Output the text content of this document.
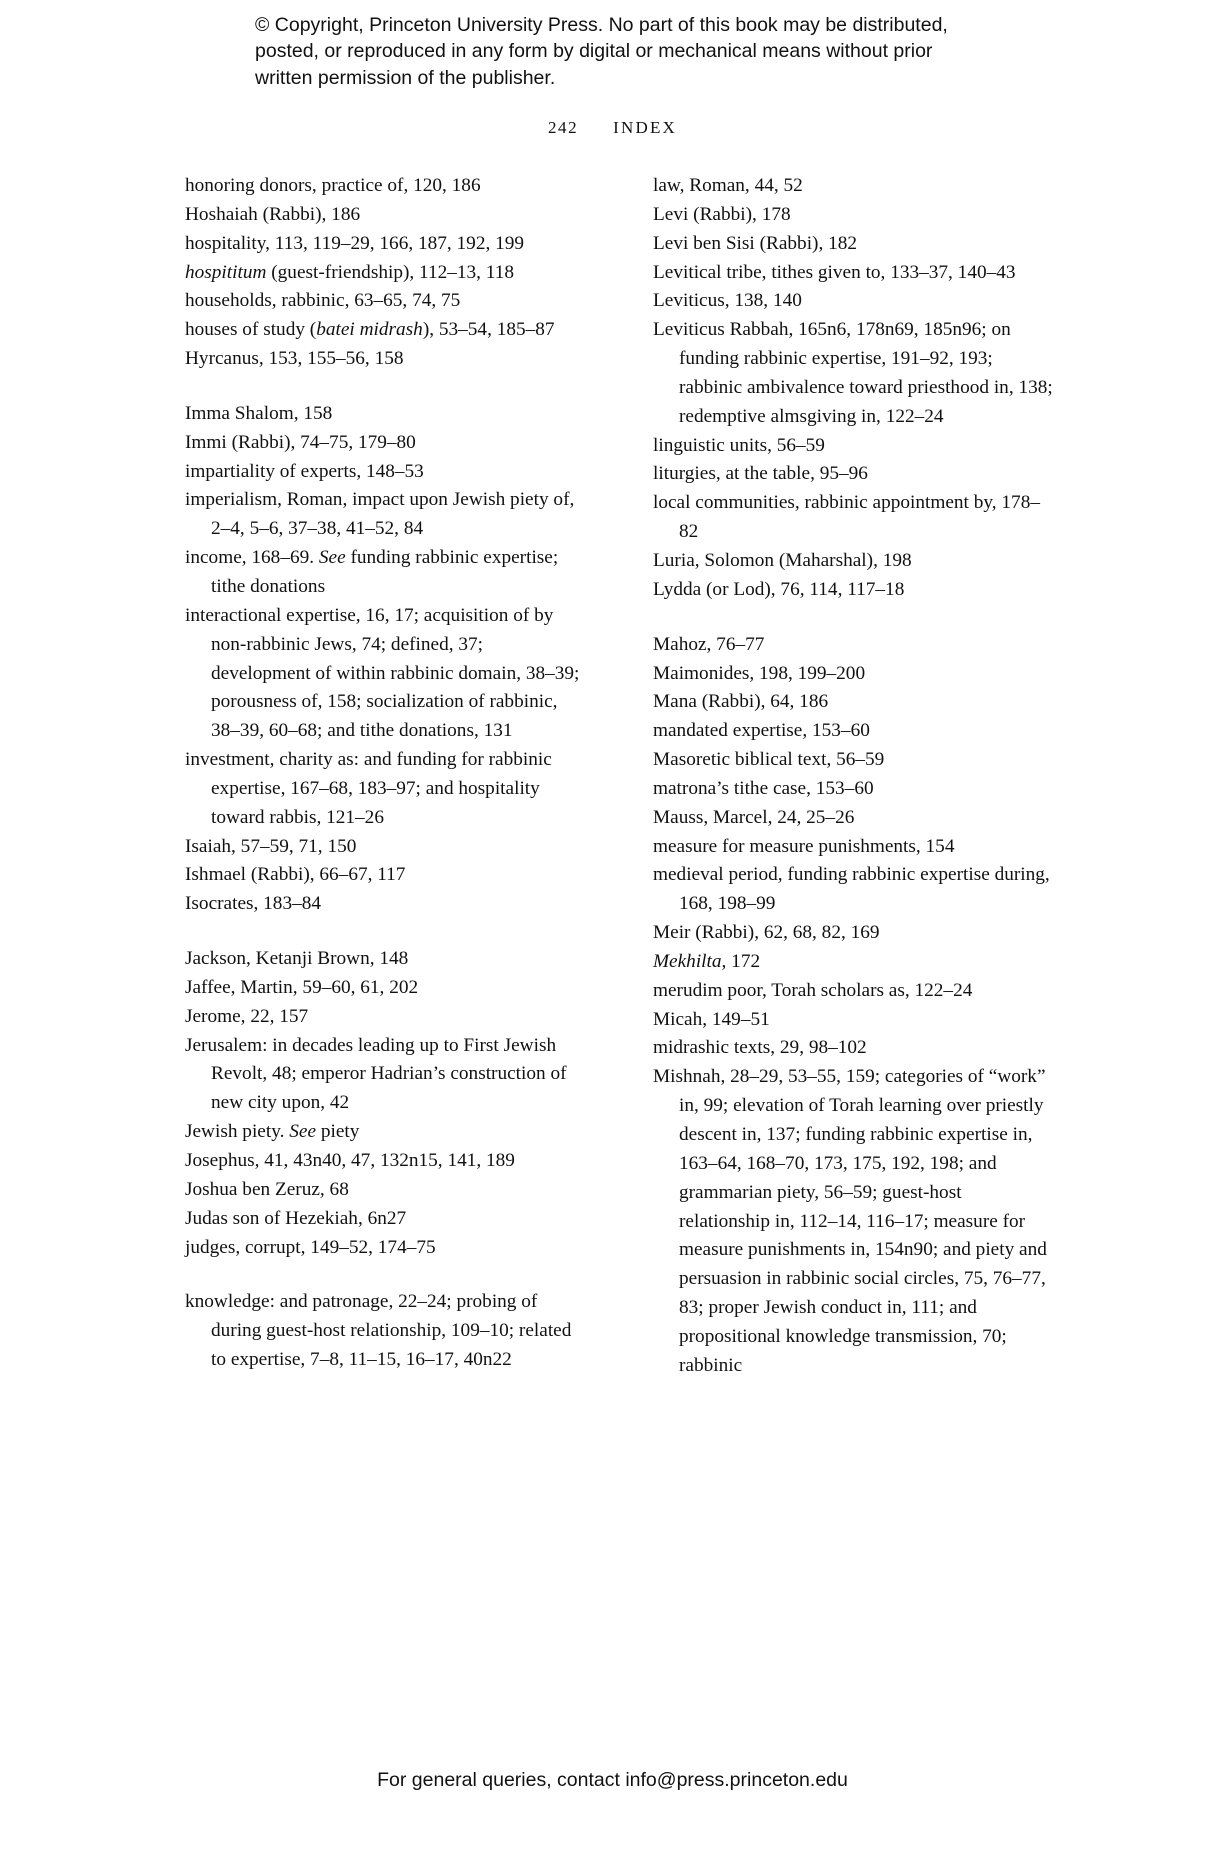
© Copyright, Princeton University Press. No part of this book may be distributed, posted, or reproduced in any form by digital or mechanical means without prior written permission of the publisher.
242 INDEX

honoring donors, practice of, 120, 186

Hoshaiah (Rabbi), 186

hospitality, 113, 119–29, 166, 187, 192, 199

hospititum (guest-friendship), 112–13, 118

households, rabbinic, 63–65, 74, 75

houses of study (batei midrash), 53–54, 185–87

Hyrcanus, 153, 155–56, 158

Imma Shalom, 158

Immi (Rabbi), 74–75, 179–80

impartiality of experts, 148–53

imperialism, Roman, impact upon Jewish piety of, 2–4, 5–6, 37–38, 41–52, 84

income, 168–69. See funding rabbinic expertise; tithe donations

interactional expertise, 16, 17; acquisition of by non-rabbinic Jews, 74; defined, 37; development of within rabbinic domain, 38–39; porousness of, 158; socialization of rabbinic, 38–39, 60–68; and tithe donations, 131

investment, charity as: and funding for rabbinic expertise, 167–68, 183–97; and hospitality toward rabbis, 121–26

Isaiah, 57–59, 71, 150

Ishmael (Rabbi), 66–67, 117

Isocrates, 183–84

Jackson, Ketanji Brown, 148

Jaffee, Martin, 59–60, 61, 202

Jerome, 22, 157

Jerusalem: in decades leading up to First Jewish Revolt, 48; emperor Hadrian’s construction of new city upon, 42

Jewish piety. See piety

Josephus, 41, 43n40, 47, 132n15, 141, 189

Joshua ben Zeruz, 68

Judas son of Hezekiah, 6n27

judges, corrupt, 149–52, 174–75

knowledge: and patronage, 22–24; probing of during guest-host relationship, 109–10; related to expertise, 7–8, 11–15, 16–17, 40n22

law, Roman, 44, 52

Levi (Rabbi), 178

Levi ben Sisi (Rabbi), 182

Levitical tribe, tithes given to, 133–37, 140–43

Leviticus, 138, 140

Leviticus Rabbah, 165n6, 178n69, 185n96; on funding rabbinic expertise, 191–92, 193; rabbinic ambivalence toward priesthood in, 138; redemptive almsgiving in, 122–24

linguistic units, 56–59

liturgies, at the table, 95–96

local communities, rabbinic appointment by, 178–82

Luria, Solomon (Maharshal), 198

Lydda (or Lod), 76, 114, 117–18

Mahoz, 76–77

Maimonides, 198, 199–200

Mana (Rabbi), 64, 186

mandated expertise, 153–60

Masoretic biblical text, 56–59

matrona’s tithe case, 153–60

Mauss, Marcel, 24, 25–26

measure for measure punishments, 154

medieval period, funding rabbinic expertise during, 168, 198–99

Meir (Rabbi), 62, 68, 82, 169

Mekhilta, 172

merudim poor, Torah scholars as, 122–24

Micah, 149–51

midrashic texts, 29, 98–102

Mishnah, 28–29, 53–55, 159; categories of “work” in, 99; elevation of Torah learning over priestly descent in, 137; funding rabbinic expertise in, 163–64, 168–70, 173, 175, 192, 198; and grammarian piety, 56–59; guest-host relationship in, 112–14, 116–17; measure for measure punishments in, 154n90; and piety and persuasion in rabbinic social circles, 75, 76–77, 83; proper Jewish conduct in, 111; and propositional knowledge transmission, 70; rabbinic

For general queries, contact info@press.princeton.edu
